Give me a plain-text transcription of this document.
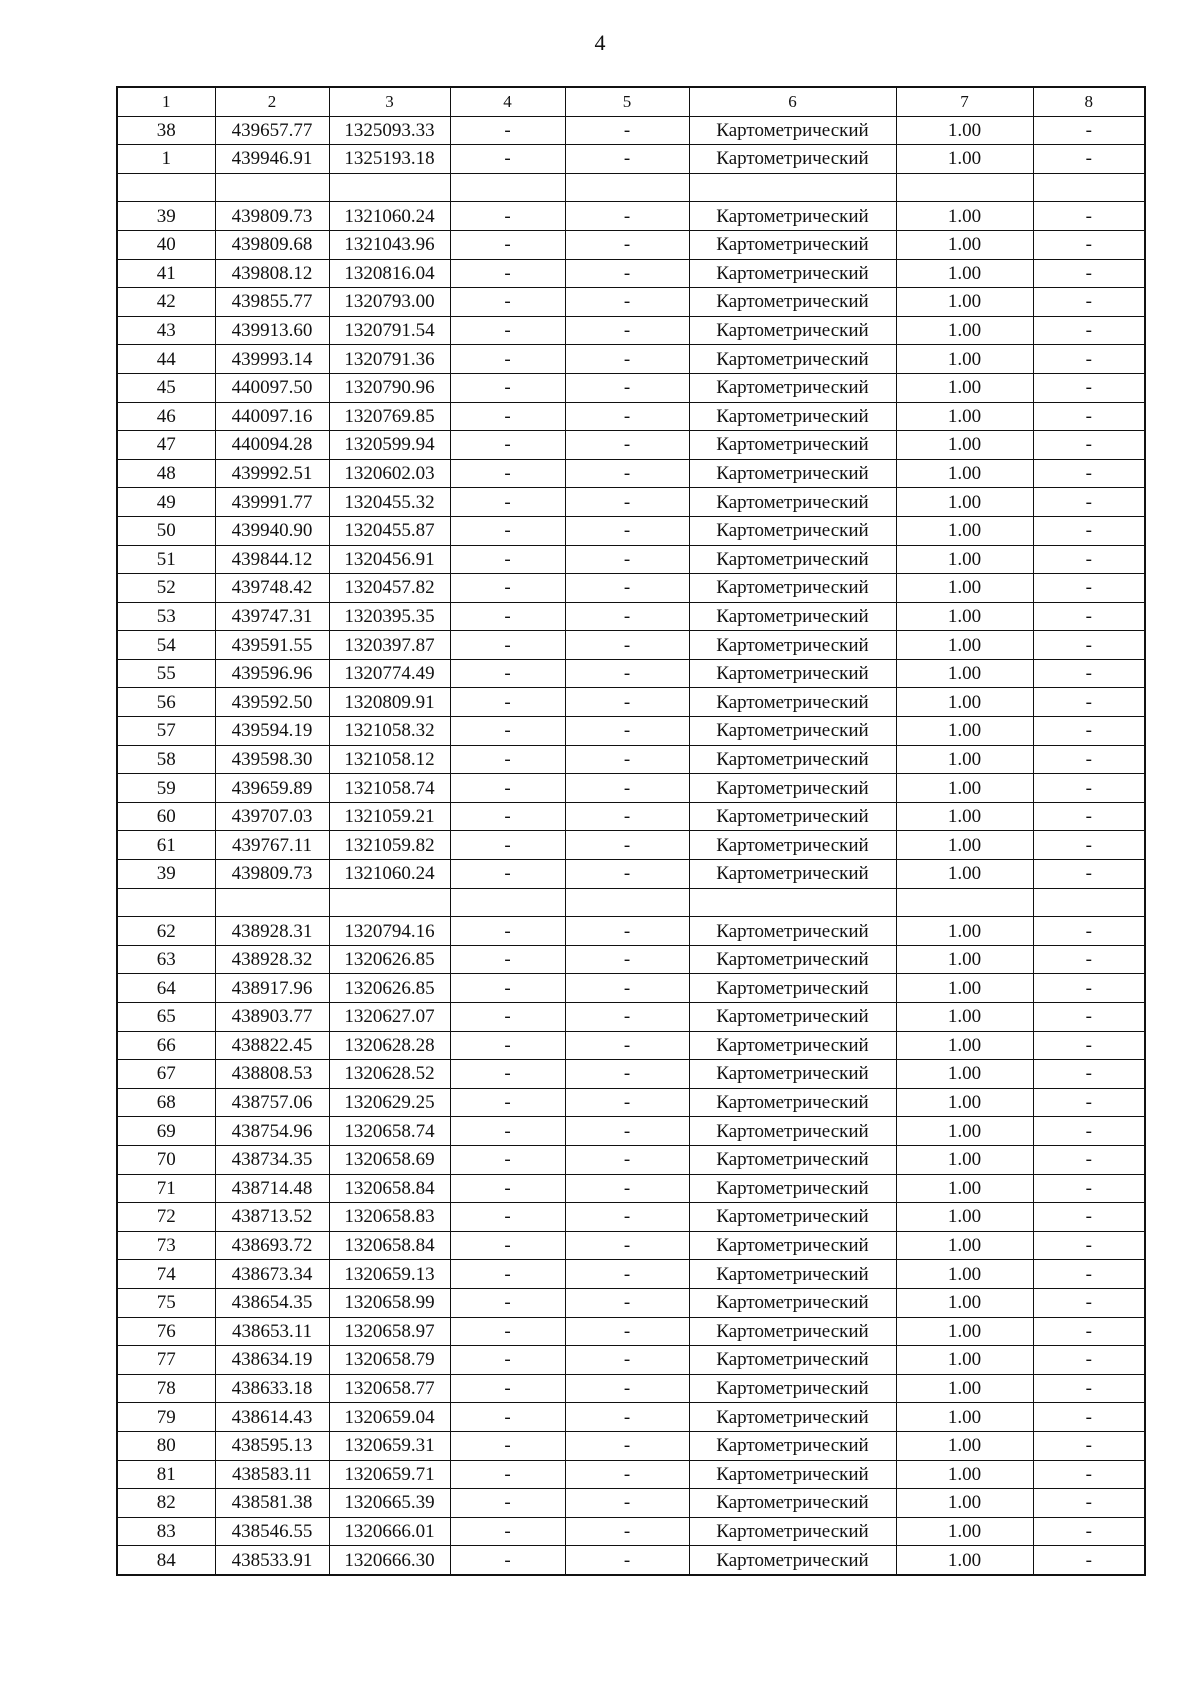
4
1	2	3	4	5	6	7	8
38	439657.77	1325093.33	-	-	Картометрический	1.00	-
1	439946.91	1325193.18	-	-	Картометрический	1.00	-

39	439809.73	1321060.24	-	-	Картометрический	1.00	-
40	439809.68	1321043.96	-	-	Картометрический	1.00	-
41	439808.12	1320816.04	-	-	Картометрический	1.00	-
42	439855.77	1320793.00	-	-	Картометрический	1.00	-
43	439913.60	1320791.54	-	-	Картометрический	1.00	-
44	439993.14	1320791.36	-	-	Картометрический	1.00	-
45	440097.50	1320790.96	-	-	Картометрический	1.00	-
46	440097.16	1320769.85	-	-	Картометрический	1.00	-
47	440094.28	1320599.94	-	-	Картометрический	1.00	-
48	439992.51	1320602.03	-	-	Картометрический	1.00	-
49	439991.77	1320455.32	-	-	Картометрический	1.00	-
50	439940.90	1320455.87	-	-	Картометрический	1.00	-
51	439844.12	1320456.91	-	-	Картометрический	1.00	-
52	439748.42	1320457.82	-	-	Картометрический	1.00	-
53	439747.31	1320395.35	-	-	Картометрический	1.00	-
54	439591.55	1320397.87	-	-	Картометрический	1.00	-
55	439596.96	1320774.49	-	-	Картометрический	1.00	-
56	439592.50	1320809.91	-	-	Картометрический	1.00	-
57	439594.19	1321058.32	-	-	Картометрический	1.00	-
58	439598.30	1321058.12	-	-	Картометрический	1.00	-
59	439659.89	1321058.74	-	-	Картометрический	1.00	-
60	439707.03	1321059.21	-	-	Картометрический	1.00	-
61	439767.11	1321059.82	-	-	Картометрический	1.00	-
39	439809.73	1321060.24	-	-	Картометрический	1.00	-

62	438928.31	1320794.16	-	-	Картометрический	1.00	-
63	438928.32	1320626.85	-	-	Картометрический	1.00	-
64	438917.96	1320626.85	-	-	Картометрический	1.00	-
65	438903.77	1320627.07	-	-	Картометрический	1.00	-
66	438822.45	1320628.28	-	-	Картометрический	1.00	-
67	438808.53	1320628.52	-	-	Картометрический	1.00	-
68	438757.06	1320629.25	-	-	Картометрический	1.00	-
69	438754.96	1320658.74	-	-	Картометрический	1.00	-
70	438734.35	1320658.69	-	-	Картометрический	1.00	-
71	438714.48	1320658.84	-	-	Картометрический	1.00	-
72	438713.52	1320658.83	-	-	Картометрический	1.00	-
73	438693.72	1320658.84	-	-	Картометрический	1.00	-
74	438673.34	1320659.13	-	-	Картометрический	1.00	-
75	438654.35	1320658.99	-	-	Картометрический	1.00	-
76	438653.11	1320658.97	-	-	Картометрический	1.00	-
77	438634.19	1320658.79	-	-	Картометрический	1.00	-
78	438633.18	1320658.77	-	-	Картометрический	1.00	-
79	438614.43	1320659.04	-	-	Картометрический	1.00	-
80	438595.13	1320659.31	-	-	Картометрический	1.00	-
81	438583.11	1320659.71	-	-	Картометрический	1.00	-
82	438581.38	1320665.39	-	-	Картометрический	1.00	-
83	438546.55	1320666.01	-	-	Картометрический	1.00	-
84	438533.91	1320666.30	-	-	Картометрический	1.00	-
